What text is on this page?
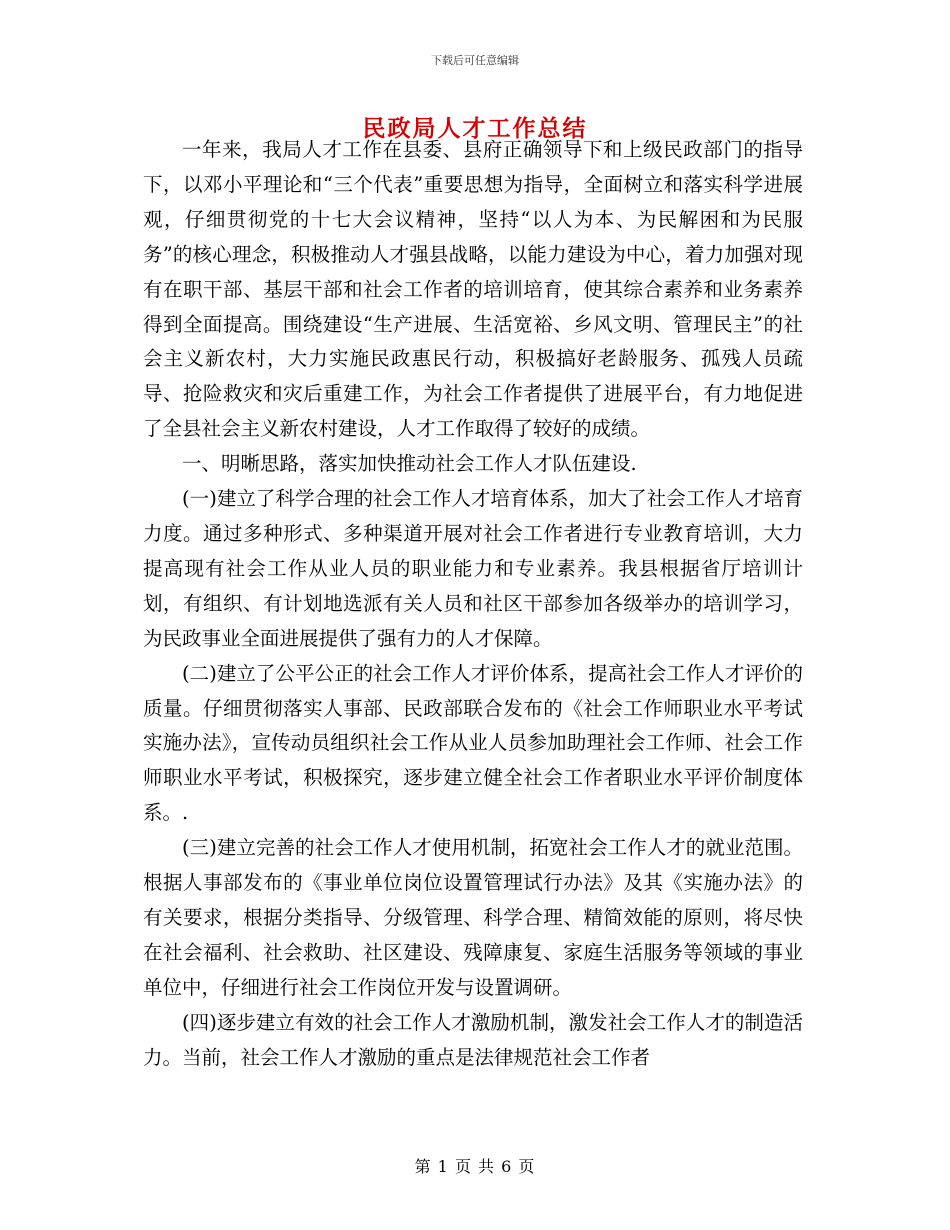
下载后可任意编辑
民政局人才工作总结

一年来，我局人才工作在县委、县府正确领导下和上级民政部门的指导下，以邓小平理论和“三个代表”重要思想为指导，全面树立和落实科学进展观，仔细贯彻党的十七大会议精神，坚持“以人为本、为民解困和为民服务”的核心理念，积极推动人才强县战略，以能力建设为中心，着力加强对现有在职干部、基层干部和社会工作者的培训培育，使其综合素养和业务素养得到全面提高。围绕建设“生产进展、生活宽裕、乡风文明、管理民主”的社会主义新农村，大力实施民政惠民行动，积极搞好老龄服务、孤残人员疏导、抢险救灾和灾后重建工作，为社会工作者提供了进展平台，有力地促进了全县社会主义新农村建设，人才工作取得了较好的成绩。

一、明晰思路，落实加快推动社会工作人才队伍建设.

(一)建立了科学合理的社会工作人才培育体系，加大了社会工作人才培育力度。通过多种形式、多种渠道开展对社会工作者进行专业教育培训，大力提高现有社会工作从业人员的职业能力和专业素养。我县根据省厅培训计划，有组织、有计划地选派有关人员和社区干部参加各级举办的培训学习，为民政事业全面进展提供了强有力的人才保障。

(二)建立了公平公正的社会工作人才评价体系，提高社会工作人才评价的质量。仔细贯彻落实人事部、民政部联合发布的《社会工作师职业水平考试实施办法》，宣传动员组织社会工作从业人员参加助理社会工作师、社会工作师职业水平考试，积极探究，逐步建立健全社会工作者职业水平评价制度体系。.

(三)建立完善的社会工作人才使用机制，拓宽社会工作人才的就业范围。根据人事部发布的《事业单位岗位设置管理试行办法》及其《实施办法》的有关要求，根据分类指导、分级管理、科学合理、精简效能的原则，将尽快在社会福利、社会救助、社区建设、残障康复、家庭生活服务等领域的事业单位中，仔细进行社会工作岗位开发与设置调研。

(四)逐步建立有效的社会工作人才激励机制，激发社会工作人才的制造活力。当前，社会工作人才激励的重点是法律规范社会工作者

第 1 页 共 6 页
